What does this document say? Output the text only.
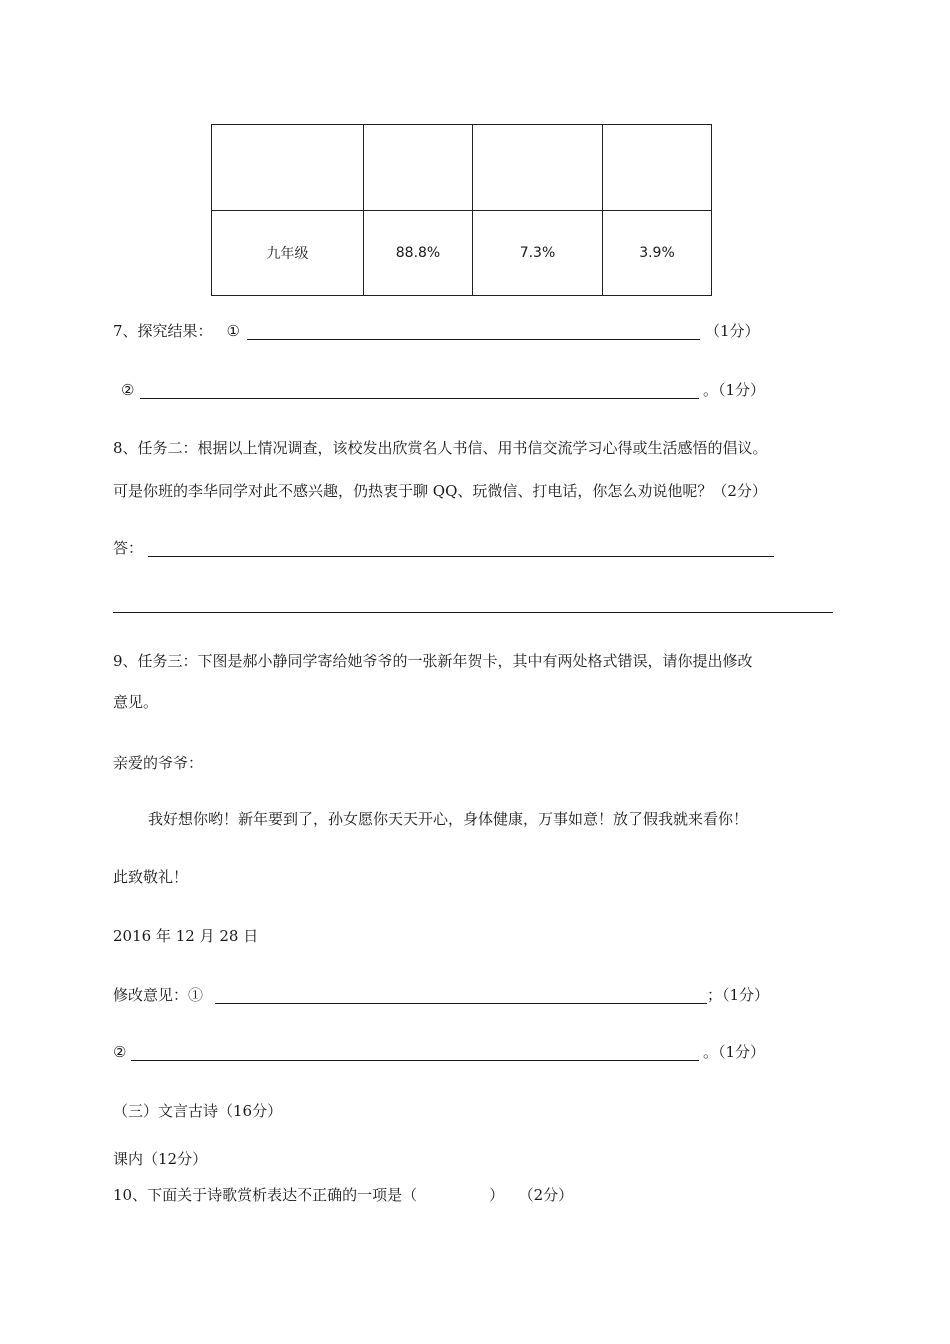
九年级	88.8%	7.3%	3.9%
7、探究结果： ①	（1分）
②	。（1分）
8、任务二：根据以上情况调查，该校发出欣赏名人书信、用书信交流学习心得或生活感悟的倡议。
可是你班的李华同学对此不感兴趣，仍热衷于聊 QQ、玩微信、打电话，你怎么劝说他呢？（2分）
答：
9、任务三：下图是郝小静同学寄给她爷爷的一张新年贺卡，其中有两处格式错误，请你提出修改
意见。
亲爱的爷爷：
我好想你哟！新年要到了，孙女愿你天天开心，身体健康，万事如意！放了假我就来看你！
此致敬礼！
2016 年 12 月 28 日
修改意见：①	；（1分）
②	。（1分）
（三）文言古诗（16分）
课内（12分）
10、下面关于诗歌赏析表达不正确的一项是（	） （2分）
